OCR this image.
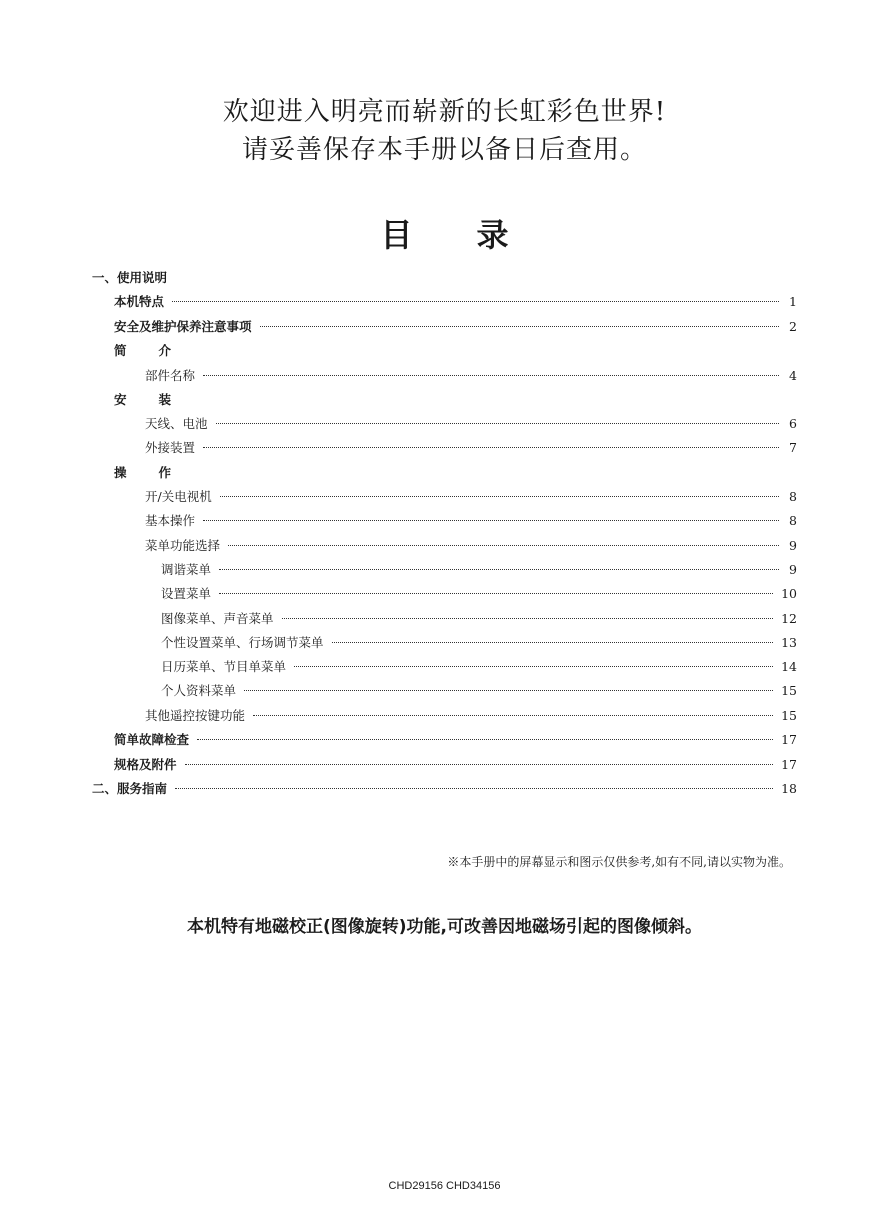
欢迎进入明亮而崭新的长虹彩色世界!
请妥善保存本手册以备日后查用。
目 录
一、使用说明
本机特点	1
安全及维护保养注意事项	2
简	介
部件名称	4
安	装
天线、电池	6
外接装置	7
操	作
开/关电视机	8
基本操作	8
菜单功能选择	9
调谐菜单	9
设置菜单	10
图像菜单、声音菜单	12
个性设置菜单、行场调节菜单	13
日历菜单、节目单菜单	14
个人资料菜单	15
其他遥控按键功能	15
简单故障检查	17
规格及附件	17
二、服务指南	18
※本手册中的屏幕显示和图示仅供参考,如有不同,请以实物为准。
本机特有地磁校正(图像旋转)功能,可改善因地磁场引起的图像倾斜。
CHD29156 CHD34156
